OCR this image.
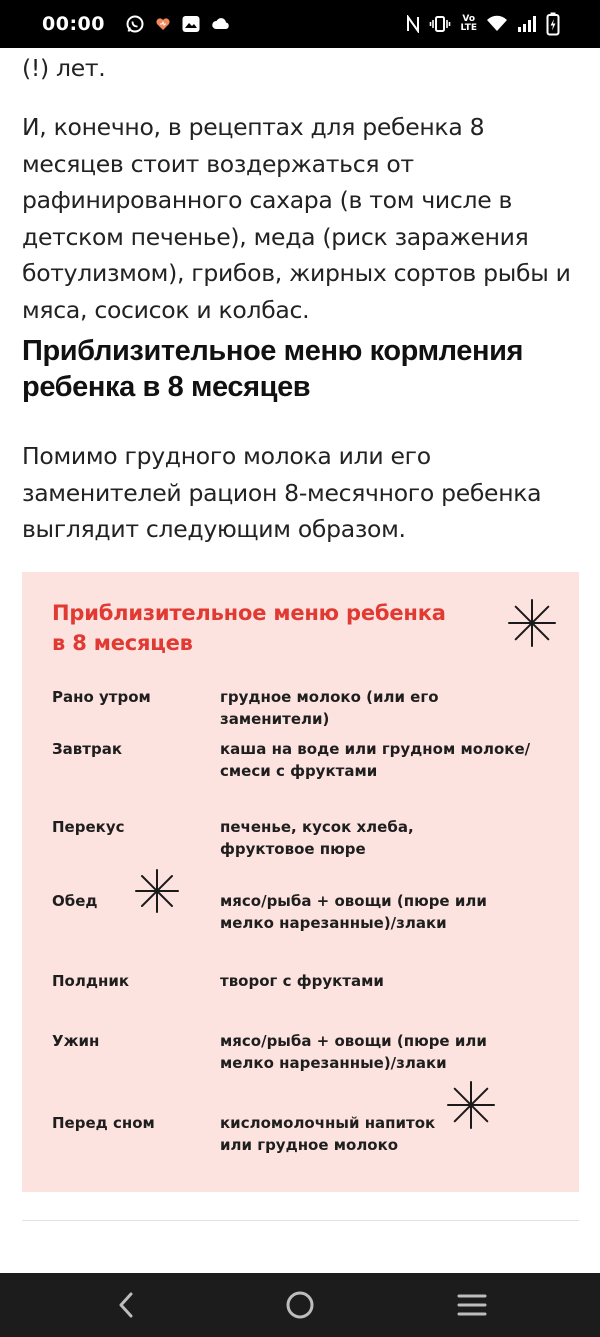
00:00	Vo
LTE

(!) лет.

И, конечно, в рецептах для ребенка 8 месяцев стоит воздержаться от рафинированного сахара (в том числе в детском печенье), меда (риск заражения ботулизмом), грибов, жирных сортов рыбы и мяса, сосисок и колбас.

Приблизительное меню кормления ребенка в 8 месяцев

Помимо грудного молока или его заменителей рацион 8-месячного ребенка выглядит следующим образом.

Приблизительное меню ребенка
в 8 месяцев
Рано утром	грудное молоко (или его заменители)
Завтрак	каша на воде или грудном молоке/смеси с фруктами
Перекус	печенье, кусок хлеба, фруктовое пюре
Обед	мясо/рыба + овощи (пюре или мелко нарезанные)/злаки
Полдник	творог с фруктами
Ужин	мясо/рыба + овощи (пюре или мелко нарезанные)/злаки
Перед сном	кисломолочный напиток или грудное молоко
